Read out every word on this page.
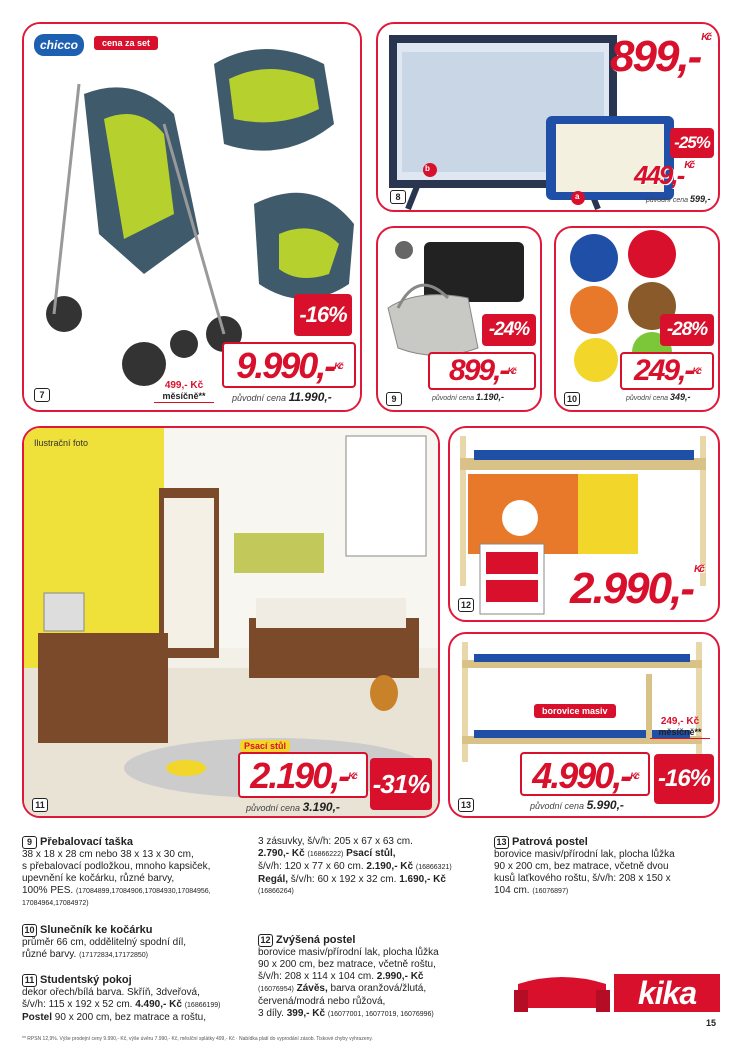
chicco	cena za set
-16%
9.990,-$^{Kč}$
původní cena 11.990,-
499,- Kč
měsíčně**
7
b
a
899,-$^{Kč}$
-25%
449,-$^{Kč}$
původní cena 599,-
8
-24%
899,-$^{Kč}$
původní cena 1.190,-
9
-28%
249,-$^{Kč}$
původní cena 349,-
10
Ilustrační foto
Psací stůl
2.190,-$^{Kč}$ -31%
původní cena 3.190,-
11
2.990,-$^{Kč}$
12
borovice masiv
249,- Kč
měsíčně**
4.990,-$^{Kč}$ -16%
původní cena 5.990,-
13
9 Přebalovací taška
38 x 18 x 28 cm nebo 38 x 13 x 30 cm,
s přebalovací podložkou, mnoho kapsiček,
upevnění ke kočárku, různé barvy,
100% PES. (17084899,17084906,17084930,17084956,
17084964,17084972)
10 Slunečník ke kočárku
průměr 66 cm, oddělitelný spodní díl,
různé barvy. (17172834,17172850)
11 Studentský pokoj
dekor ořech/bílá barva. Skříň, 3dveřová,
š/v/h: 115 x 192 x 52 cm. 4.490,- Kč (16866199)
Postel 90 x 200 cm, bez matrace a roštu,
3 zásuvky, š/v/h: 205 x 67 x 63 cm.
2.790,- Kč (16866222) Psací stůl,
š/v/h: 120 x 77 x 60 cm. 2.190,- Kč (16866321)
Regál, š/v/h: 60 x 192 x 32 cm. 1.690,- Kč
(16866264)
12 Zvýšená postel
borovice masiv/přírodní lak, plocha lůžka
90 x 200 cm, bez matrace, včetně roštu,
š/v/h: 208 x 114 x 104 cm. 2.990,- Kč
(16076954) Závěs, barva oranžová/žlutá,
červená/modrá nebo růžová,
3 díly. 399,- Kč (16077001, 16077019, 16076996)
13 Patrová postel
borovice masiv/přírodní lak, plocha lůžka
90 x 200 cm, bez matrace, včetně dvou
kusů laťkového roštu, š/v/h: 208 x 150 x
104 cm. (16076897)
kika
** RPSN 12,9%. Výše prodejní ceny 9.990,- Kč, výše úvěru 7.990,- Kč, měsíční splátky 499,- Kč · Nabídka platí do vyprodání zásob. Tiskové chyby vyhrazeny.
15
